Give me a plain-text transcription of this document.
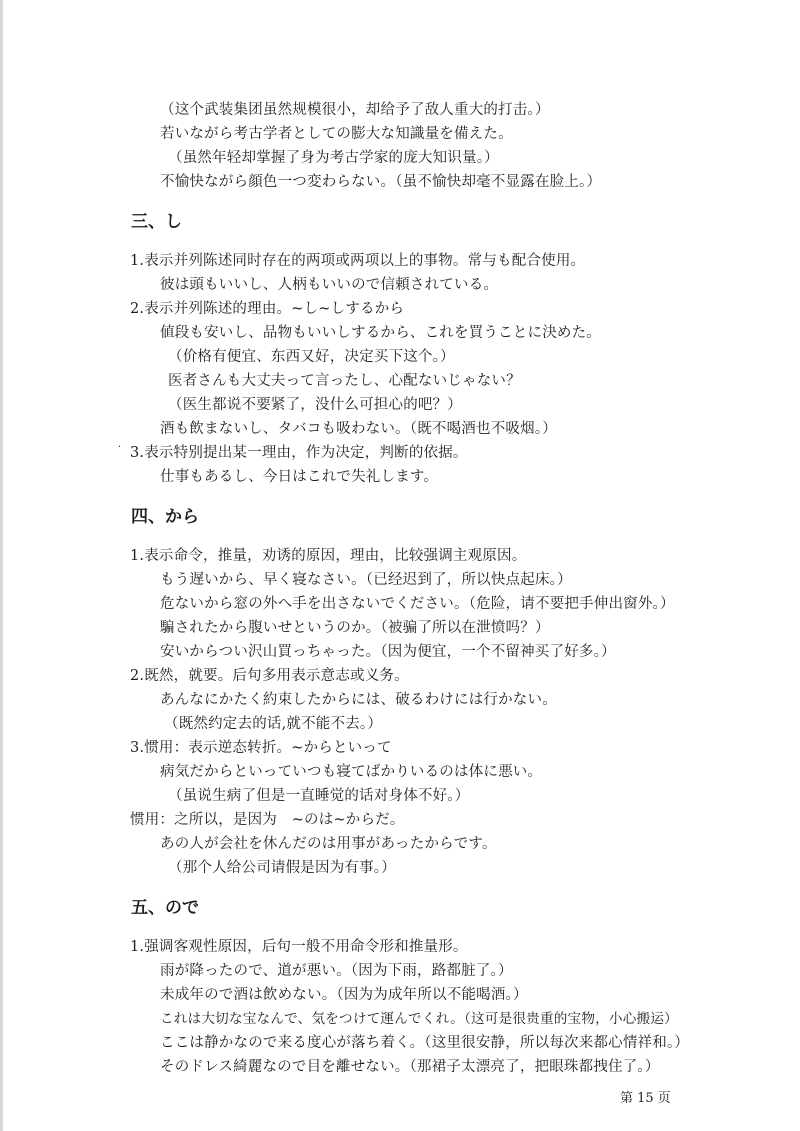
（这个武装集团虽然规模很小，却给予了敌人重大的打击。）
若いながら考古学者としての膨大な知識量を備えた。
（虽然年轻却掌握了身为考古学家的庞大知识量。）
不愉快ながら顔色一つ変わらない。（虽不愉快却毫不显露在脸上。）
三、し
1.表示并列陈述同时存在的两项或两项以上的事物。常与も配合使用。
彼は頭もいいし、人柄もいいので信頼されている。
2.表示并列陈述的理由。~し~しするから
値段も安いし、品物もいいしするから、これを買うことに決めた。
（价格有便宜、东西又好，决定买下这个。）
医者さんも大丈夫って言ったし、心配ないじゃない？
（医生都说不要紧了，没什么可担心的吧？）
酒も飲まないし、タバコも吸わない。（既不喝酒也不吸烟。）
· 3.表示特别提出某一理由，作为决定，判断的依据。
仕事もあるし、今日はこれで失礼します。
四、から
1.表示命令，推量，劝诱的原因，理由，比较强调主观原因。
もう遅いから、早く寝なさい。（已经迟到了，所以快点起床。）
危ないから窓の外へ手を出さないでください。（危险，请不要把手伸出窗外。）
騙されたから腹いせというのか。（被骗了所以在泄愤吗？）
安いからつい沢山買っちゃった。（因为便宜，一个不留神买了好多。）
2.既然，就要。后句多用表示意志或义务。
あんなにかたく約束したからには、破るわけには行かない。
（既然约定去的话,就不能不去。）
3.惯用：表示逆态转折。~からといって
病気だからといっていつも寝てばかりいるのは体に悪い。
（虽说生病了但是一直睡觉的话对身体不好。）
惯用：之所以，是因为　~のは~からだ。
あの人が会社を休んだのは用事があったからです。
（那个人给公司请假是因为有事。）
五、ので
1.强调客观性原因，后句一般不用命令形和推量形。
雨が降ったので、道が悪い。（因为下雨，路都脏了。）
未成年ので酒は飲めない。（因为为成年所以不能喝酒。）
これは大切な宝なんで、気をつけて運んでくれ。（这可是很贵重的宝物，小心搬运）
ここは静かなので来る度心が落ち着く。（这里很安静，所以每次来都心情祥和。）
そのドレス綺麗なので目を離せない。（那裙子太漂亮了，把眼珠都拽住了。）
第 15 页
